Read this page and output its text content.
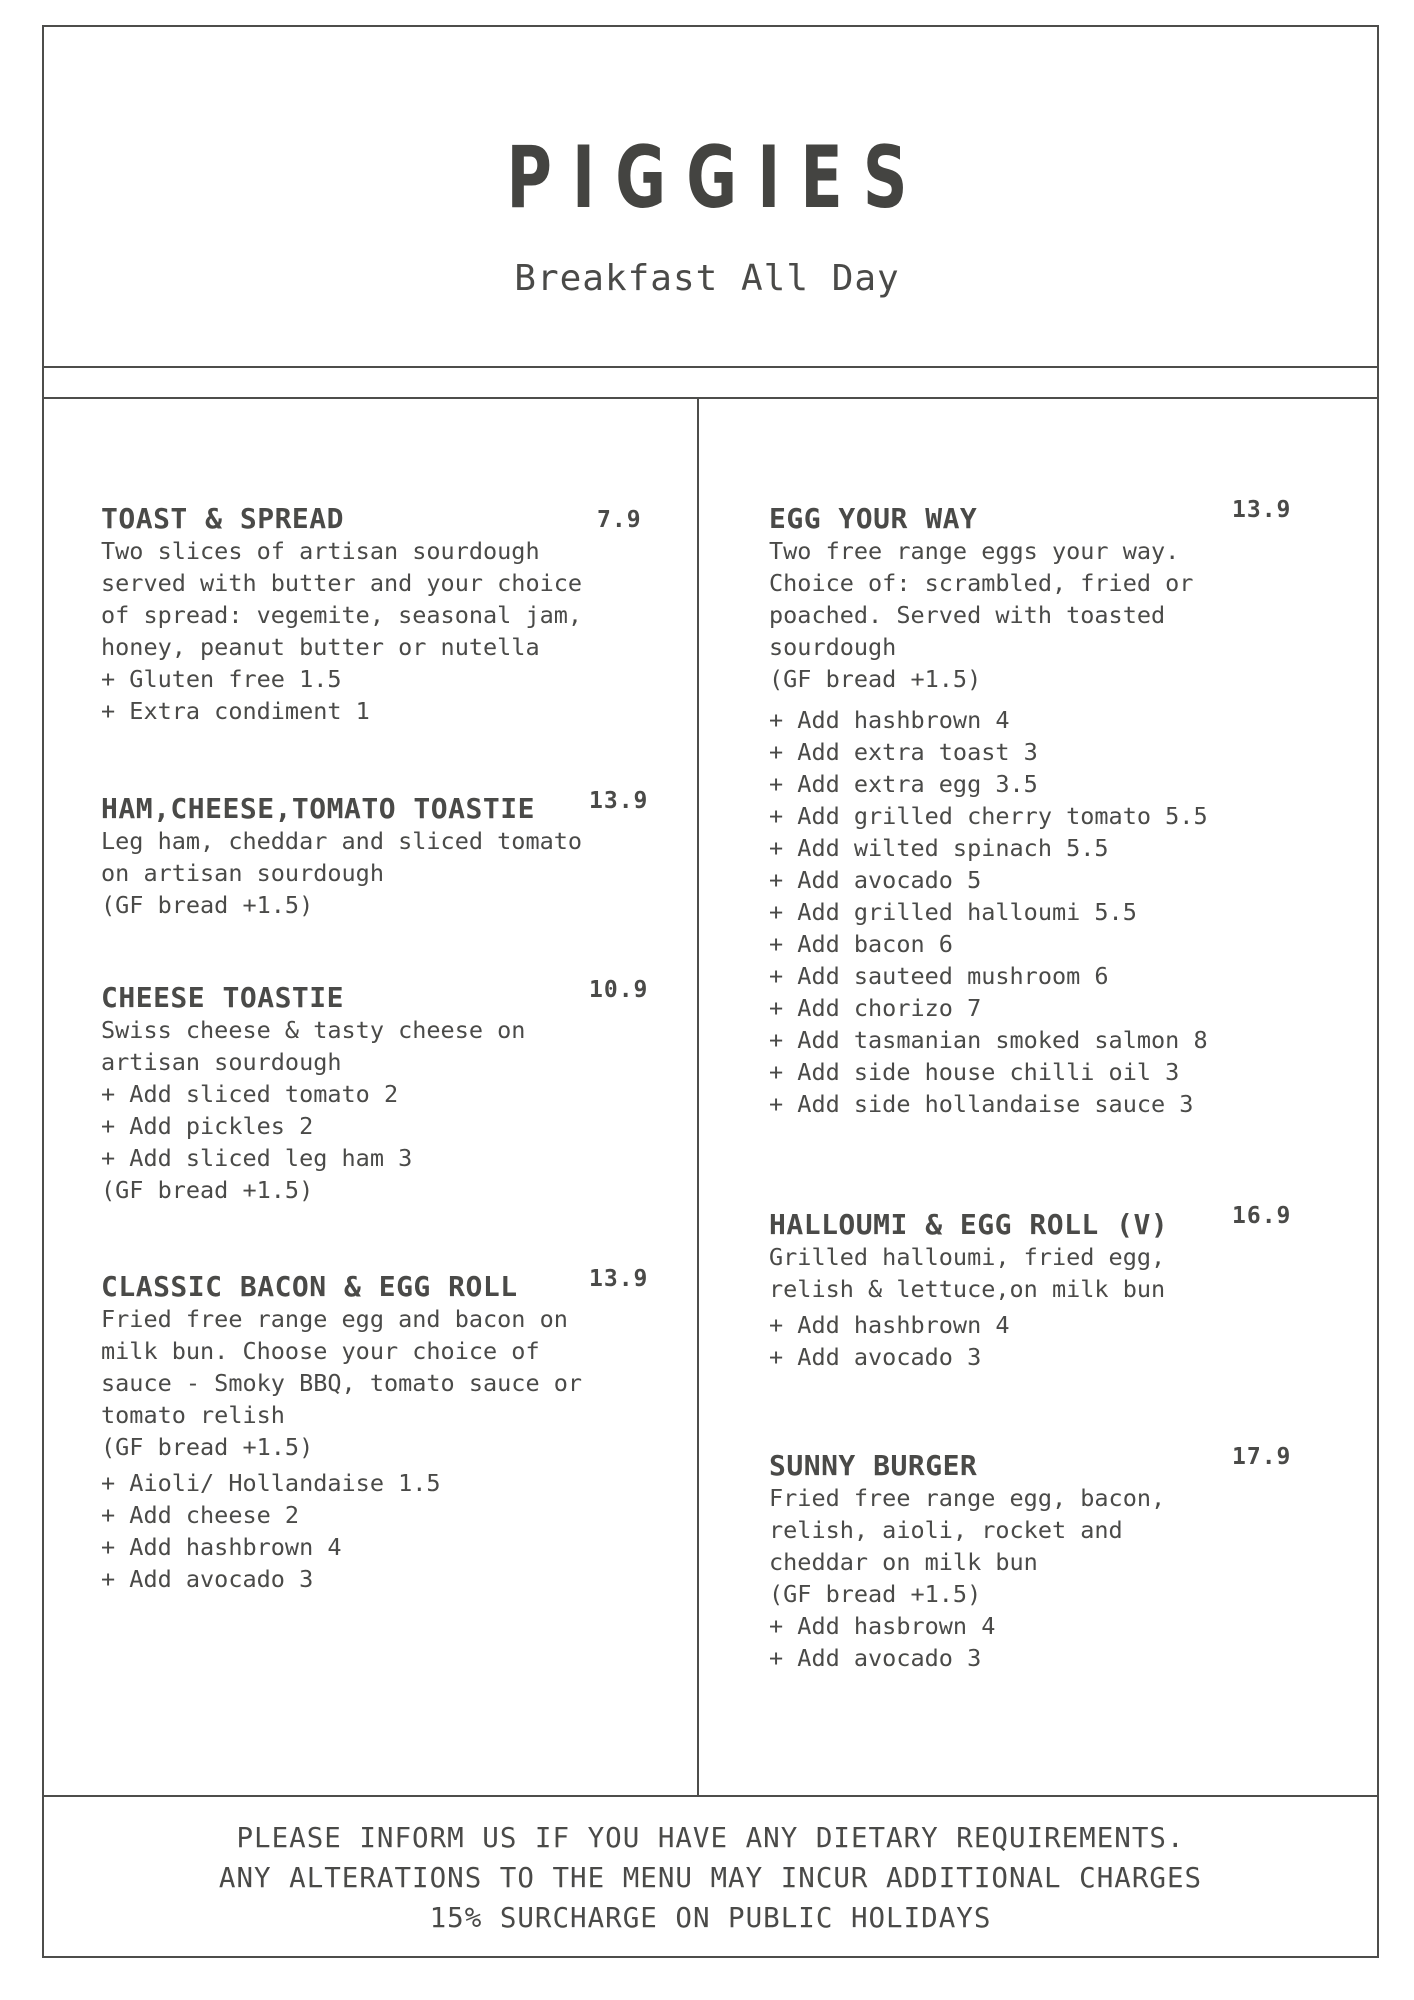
PIGGIES
Breakfast All Day
TOAST & SPREAD	7.9
Two slices of artisan sourdough
served with butter and your choice
of spread: vegemite, seasonal jam,
honey, peanut butter or nutella
+ Gluten free 1.5
+ Extra condiment 1
HAM,CHEESE,TOMATO TOASTIE	13.9
Leg ham, cheddar and sliced tomato
on artisan sourdough
(GF bread +1.5)
CHEESE TOASTIE	10.9
Swiss cheese & tasty cheese on
artisan sourdough
+ Add sliced tomato 2
+ Add pickles 2
+ Add sliced leg ham 3
(GF bread +1.5)
CLASSIC BACON & EGG ROLL	13.9
Fried free range egg and bacon on
milk bun. Choose your choice of
sauce - Smoky BBQ, tomato sauce or
tomato relish
(GF bread +1.5)
+ Aioli/ Hollandaise 1.5
+ Add cheese 2
+ Add hashbrown 4
+ Add avocado 3
EGG YOUR WAY	13.9
Two free range eggs your way.
Choice of: scrambled, fried or
poached. Served with toasted
sourdough
(GF bread +1.5)
+ Add hashbrown 4
+ Add extra toast 3
+ Add extra egg 3.5
+ Add grilled cherry tomato 5.5
+ Add wilted spinach 5.5
+ Add avocado 5
+ Add grilled halloumi 5.5
+ Add bacon 6
+ Add sauteed mushroom 6
+ Add chorizo 7
+ Add tasmanian smoked salmon 8
+ Add side house chilli oil 3
+ Add side hollandaise sauce 3
HALLOUMI & EGG ROLL (V)	16.9
Grilled halloumi, fried egg,
relish & lettuce,on milk bun
+ Add hashbrown 4
+ Add avocado 3
SUNNY BURGER	17.9
Fried free range egg, bacon,
relish, aioli, rocket and
cheddar on milk bun
(GF bread +1.5)
+ Add hasbrown 4
+ Add avocado 3
PLEASE INFORM US IF YOU HAVE ANY DIETARY REQUIREMENTS.
ANY ALTERATIONS TO THE MENU MAY INCUR ADDITIONAL CHARGES
15% SURCHARGE ON PUBLIC HOLIDAYS
